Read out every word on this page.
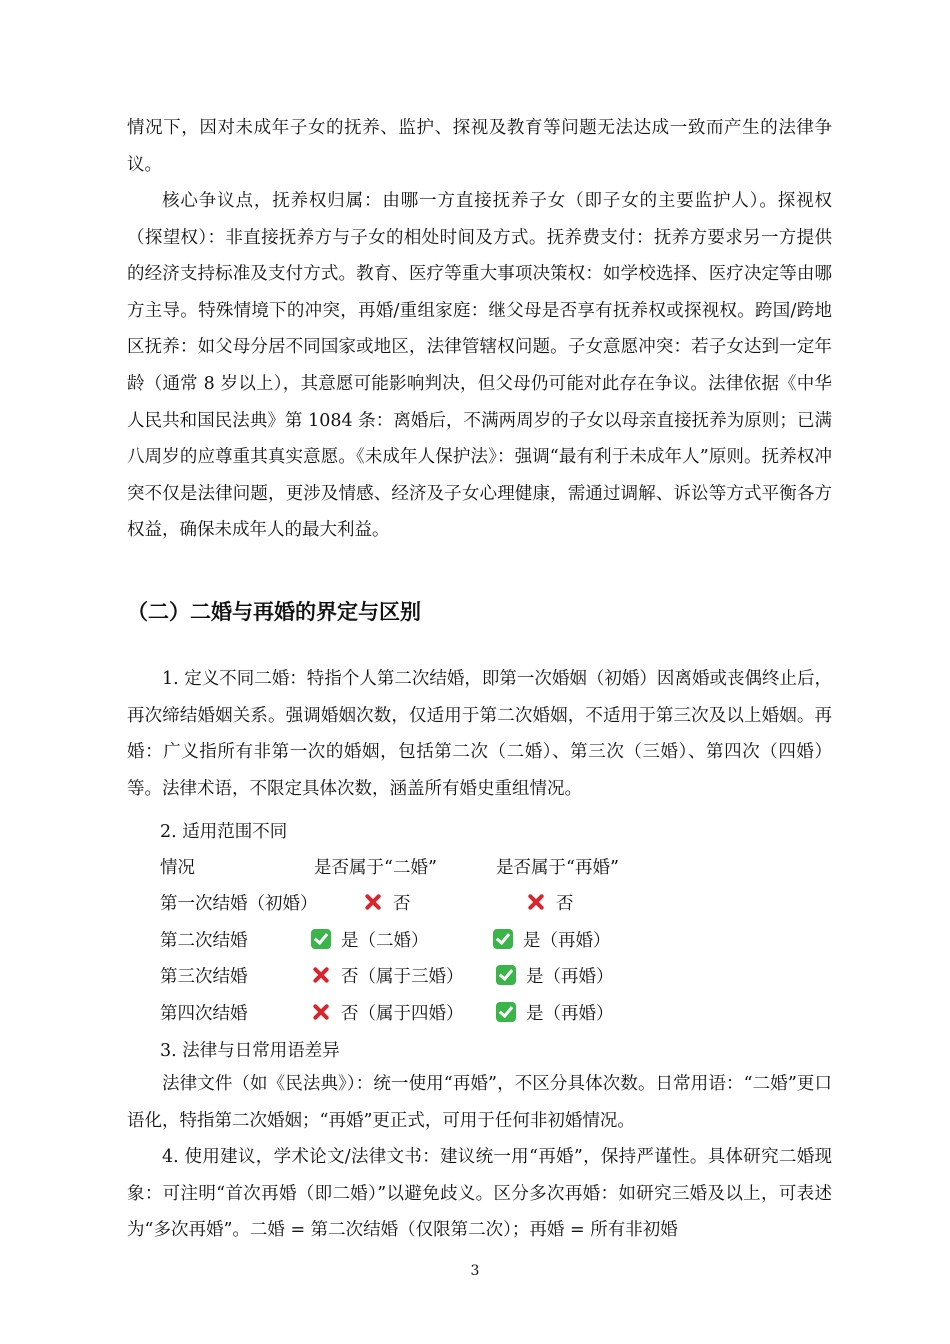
情况下，因对未成年子女的抚养、监护、探视及教育等问题无法达成一致而产生的法律争议。

核心争议点，抚养权归属：由哪一方直接抚养子女（即子女的主要监护人）。探视权（探望权）：非直接抚养方与子女的相处时间及方式。抚养费支付：抚养方要求另一方提供的经济支持标准及支付方式。教育、医疗等重大事项决策权：如学校选择、医疗决定等由哪方主导。特殊情境下的冲突，再婚/重组家庭：继父母是否享有抚养权或探视权。跨国/跨地区抚养：如父母分居不同国家或地区，法律管辖权问题。子女意愿冲突：若子女达到一定年龄（通常 8 岁以上），其意愿可能影响判决，但父母仍可能对此存在争议。法律依据《中华人民共和国民法典》第 1084 条：离婚后，不满两周岁的子女以母亲直接抚养为原则；已满八周岁的应尊重其真实意愿。《未成年人保护法》：强调“最有利于未成年人”原则。抚养权冲突不仅是法律问题，更涉及情感、经济及子女心理健康，需通过调解、诉讼等方式平衡各方权益，确保未成年人的最大利益。

（二）二婚与再婚的界定与区别

1. 定义不同二婚：特指个人第二次结婚，即第一次婚姻（初婚）因离婚或丧偶终止后，再次缔结婚姻关系。强调婚姻次数，仅适用于第二次婚姻，不适用于第三次及以上婚姻。再婚：广义指所有非第一次的婚姻，包括第二次（二婚）、第三次（三婚）、第四次（四婚）等。法律术语，不限定具体次数，涵盖所有婚史重组情况。

2. 适用范围不同
情况	是否属于“二婚”	是否属于“再婚”
第一次结婚（初婚）	否	否
第二次结婚	是（二婚）	是（再婚）
第三次结婚	否（属于三婚）	是（再婚）
第四次结婚	否（属于四婚）	是（再婚）
3. 法律与日常用语差异

法律文件（如《民法典》）：统一使用“再婚”，不区分具体次数。日常用语：“二婚”更口语化，特指第二次婚姻；“再婚”更正式，可用于任何非初婚情况。

4. 使用建议，学术论文/法律文书：建议统一用“再婚”，保持严谨性。具体研究二婚现象：可注明“首次再婚（即二婚）”以避免歧义。区分多次再婚：如研究三婚及以上，可表述为“多次再婚”。二婚 = 第二次结婚（仅限第二次）；再婚 = 所有非初婚

3
